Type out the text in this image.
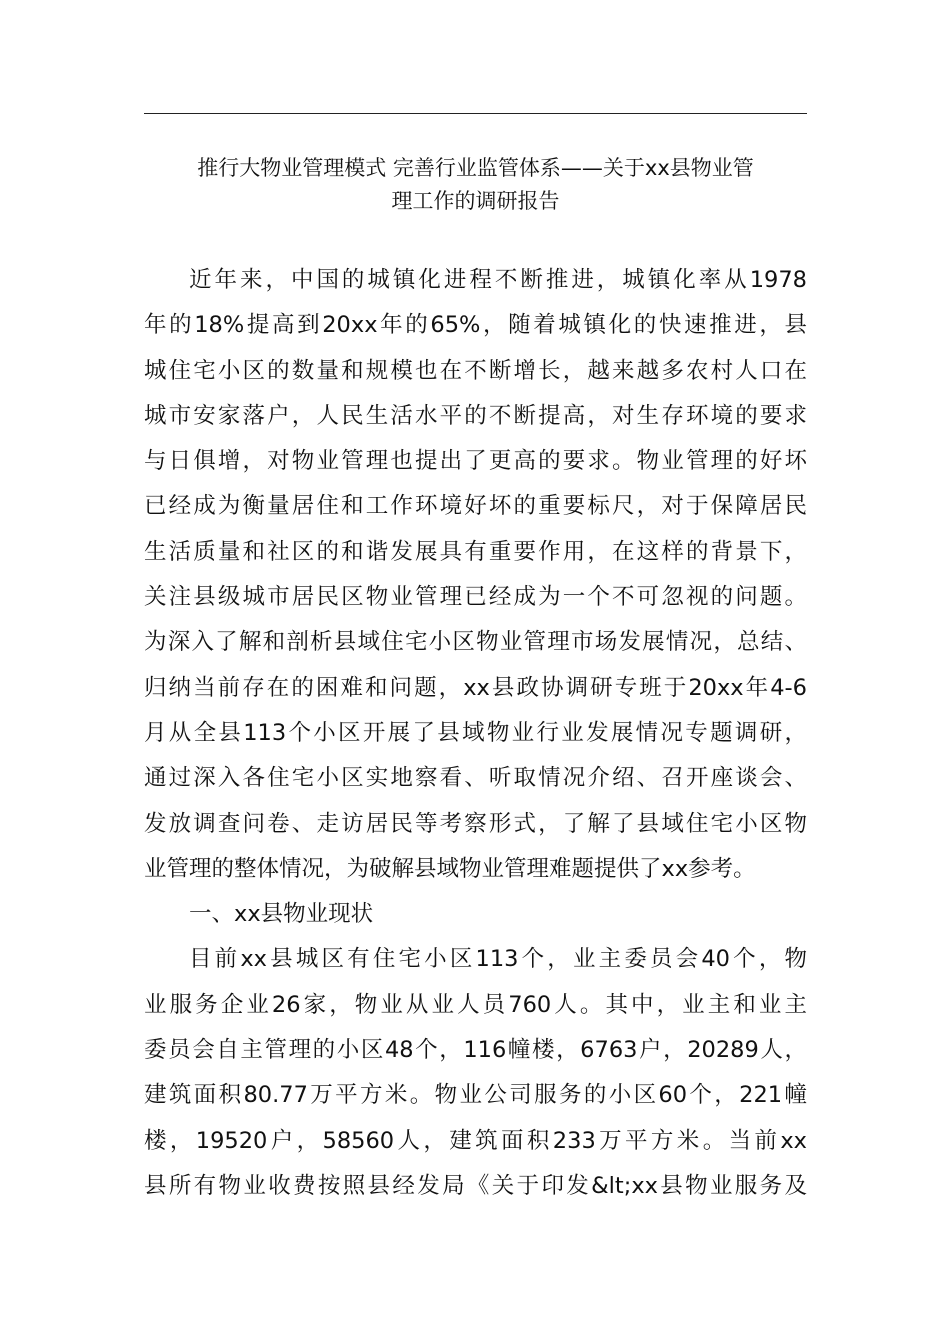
推行大物业管理模式 完善行业监管体系——关于xx县物业管
理工作的调研报告

近年来，中国的城镇化进程不断推进，城镇化率从1978
年的18%提高到20xx年的65%，随着城镇化的快速推进，县
城住宅小区的数量和规模也在不断增长，越来越多农村人口在
城市安家落户，人民生活水平的不断提高，对生存环境的要求
与日俱增，对物业管理也提出了更高的要求。物业管理的好坏
已经成为衡量居住和工作环境好坏的重要标尺，对于保障居民
生活质量和社区的和谐发展具有重要作用，在这样的背景下，
关注县级城市居民区物业管理已经成为一个不可忽视的问题。
为深入了解和剖析县域住宅小区物业管理市场发展情况，总结、
归纳当前存在的困难和问题，xx县政协调研专班于20xx年4-6
月从全县113个小区开展了县域物业行业发展情况专题调研，
通过深入各住宅小区实地察看、听取情况介绍、召开座谈会、
发放调查问卷、走访居民等考察形式，了解了县域住宅小区物
业管理的整体情况，为破解县域物业管理难题提供了xx参考。

一、xx县物业现状

目前xx县城区有住宅小区113个，业主委员会40个，物
业服务企业26家，物业从业人员760人。其中，业主和业主
委员会自主管理的小区48个，116幢楼，6763户，20289人，
建筑面积80.77万平方米。物业公司服务的小区60个，221幢
楼，19520户，58560人，建筑面积233万平方米。当前xx
县所有物业收费按照县经发局《关于印发&lt;xx县物业服务及
